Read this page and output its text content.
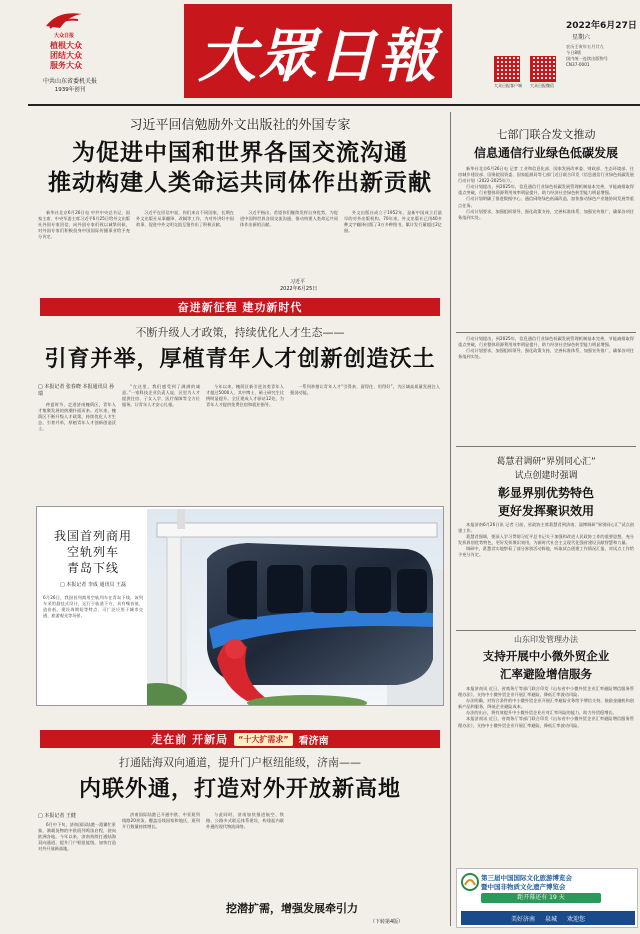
大众日报
植根大众
团结大众
服务大众
中共山东省委机关报
1939年创刊	大眾日報	大众日报客户端	大众日报微信
2022年6月27日
星期六
农历壬寅年五月廿九
今日8版
国内统一连续出版物号
CN37-0001
习近平回信勉励外文出版社的外国专家
为促进中国和世界各国交流沟通
推动构建人类命运共同体作出新贡献

新华社北京6月26日电 中共中央总书记、国家主席、中央军委主席习近平6月25日给外文出版社外国专家回信，向外国专家们致以诚挚问候，对外国专家们积极投身中国国际传播事业给予充分肯定。

习近平在回信中说，你们来自不同国家，长期在外文出版社从事翻译、改稿等工作，为对外讲好中国故事、促进中外文明交流互鉴作出了积极贡献。

习近平指出，希望你们继续发挥自身优势，为促进中国和世界各国交流沟通、推动构建人类命运共同体作出新的贡献。

习近平
2022年6月25日

外文出版社成立于1952年，是新中国成立后最早的对外出版机构。70年来，外文出版社已用40多种文字翻译出版了3万多种图书，累计发行量超过2亿册。

奋进新征程 建功新时代
不断升级人才政策，持续优化人才生态——
引育并举，厚植青年人才创新创造沃土
□ 本报记者 张春晓 本报通讯员 孙瑞

仲夏时节，走进济南槐荫区，青年人才集聚发展的热潮扑面而来。近年来，槐荫区不断升级人才政策，持续优化人才生态，引育并举，厚植青年人才创新创造沃土。

“在这里，我们感受到了满满的诚意。”一家科技企业负责人说，区里为人才提供住房、子女入学、医疗保障等全方位服务，让青年人才安心扎根。

今年以来，槐荫区新引进各类青年人才超过5000人，其中博士、硕士研究生比例明显提升。全区建成人才驿站12处，为青年人才提供免费住宿和就业指导。

一系列举措让青年人才“引得来、留得住、用得好”，为区域高质量发展注入强劲动能。

我国首列商用
空轨列车
青岛下线
□ 本报记者 李成 通讯员 王磊
6月26日，我国首列商用空轨列车在青岛下线。该列车采用悬挂式设计，运行于轨道下方，具有噪音低、造价低、建设周期短等特点，可广泛应用于城市交通、旅游观光等场景。
走在前 开新局	“十大扩需求”	看济南
打通陆海双向通道，提升门户枢纽能级，济南——
内联外通，打造对外开放新高地
□ 本报记者 王健

6月中下旬，济南国际陆港一派繁忙景象，满载货物的中欧班列鸣笛启程，驶向欧洲各地。今年以来，济南持续打通陆海双向通道，提升门户枢纽能级，加快打造对外开放新高地。

济南国际陆港已开通中欧、中亚班列线路20余条，覆盖沿线国家和地区，班列开行数量持续增长。

与此同时，济南加快推进航空、铁路、公路多式联运体系建设，构建起内联外通的现代物流网络。

挖潜扩需，增强发展牵引力
（下转第4版）
七部门联合发文推动
信息通信行业绿色低碳发展

新华社北京6月26日电 记者 工业和信息化部、国家发展改革委、财政部、生态环境部、住房城乡建设部、国务院国资委、国家能源局等七部门近日联合印发《信息通信行业绿色低碳发展行动计划（2022-2025年）》。

行动计划提出，到2025年，信息通信行业绿色低碳发展管理机制基本完善，节能减排取得重点突破，行业整体资源利用效率明显提升，助力经济社会绿色转型能力明显增强。

行动计划明确了推进数据中心、通信网络绿色低碳改造，加快推动绿色产业链协同发展等重点任务。

行动计划要求，加强组织领导，强化政策支持，完善标准体系，加强宣传推广，确保各项任务落到实处。

行动计划提出，到2025年，信息通信行业绿色低碳发展管理机制基本完善，节能减排取得重点突破，行业整体资源利用效率明显提升，助力经济社会绿色转型能力明显增强。

行动计划要求，加强组织领导，强化政策支持，完善标准体系，加强宣传推广，确保各项任务落到实处。

葛慧君调研“界别同心汇”
试点创建时强调
彰显界别优势特色
更好发挥聚识效用

本报济南6月26日讯 记者 日前，省政协主席葛慧君到济南、淄博调研“界别同心汇”试点创建工作。

葛慧君强调，要深入学习贯彻习近平总书记关于加强和改进人民政协工作的重要思想，充分发挥界别优势特色，更好发挥聚识效用，为新时代社会主义现代化强省建设贡献智慧和力量。

调研中，葛慧君实地察看了部分界别活动阵地，听取试点创建工作情况汇报，对试点工作给予充分肯定。

山东印发管理办法
支持开展中小微外贸企业
汇率避险增信服务

本报济南讯 近日，省商务厅等部门联合印发《山东省中小微外贸企业汇率避险增信服务管理办法》，支持中小微外贸企业开展汇率避险，降低汇率波动风险。

办法明确，对符合条件的中小微外贸企业开展汇率避险业务给予增信支持，鼓励金融机构创新产品和服务，降低企业避险成本。

办法的出台，将有效提升中小微外贸企业应对汇率风险的能力，助力外贸稳增长。

本报济南讯 近日，省商务厅等部门联合印发《山东省中小微外贸企业汇率避险增信服务管理办法》，支持中小微外贸企业开展汇率避险，降低汇率波动风险。

第三届中国国际文化旅游博览会
暨中国非物质文化遗产博览会
距开幕还有 19 天
美好济南 泉城 欢迎您
